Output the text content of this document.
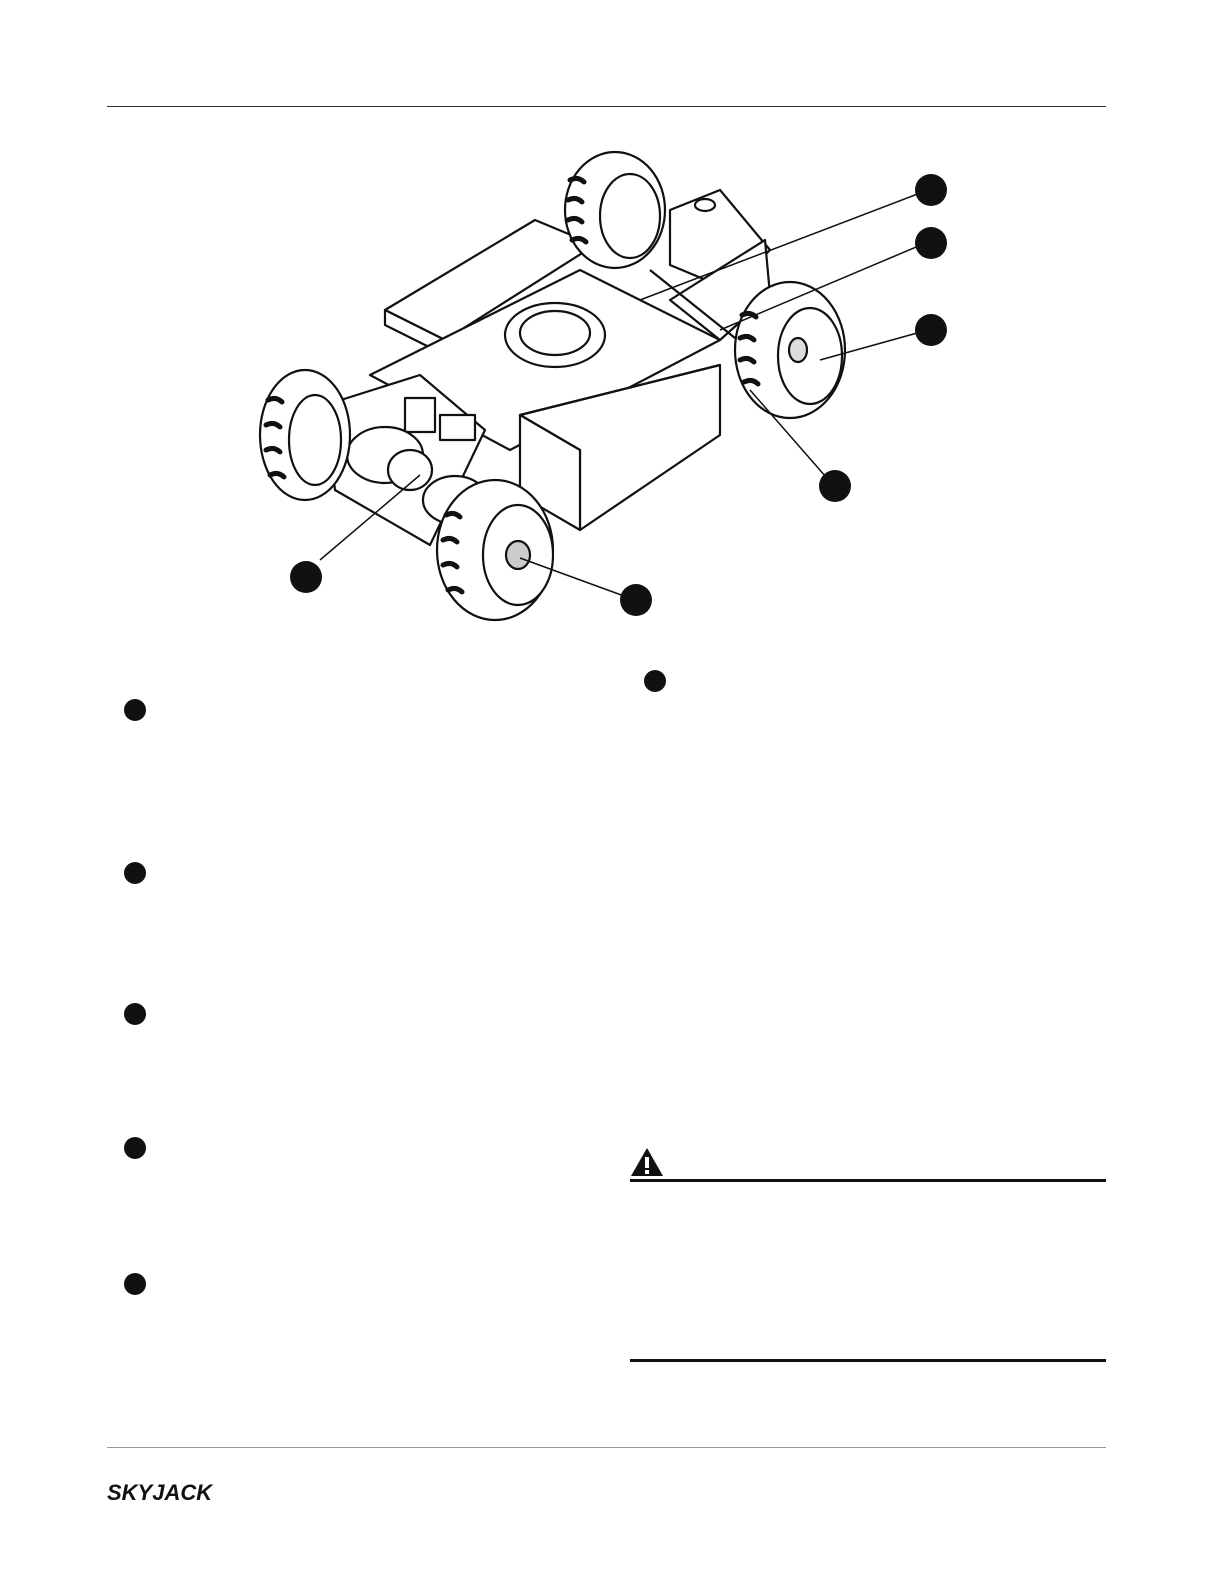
SKYJACK
